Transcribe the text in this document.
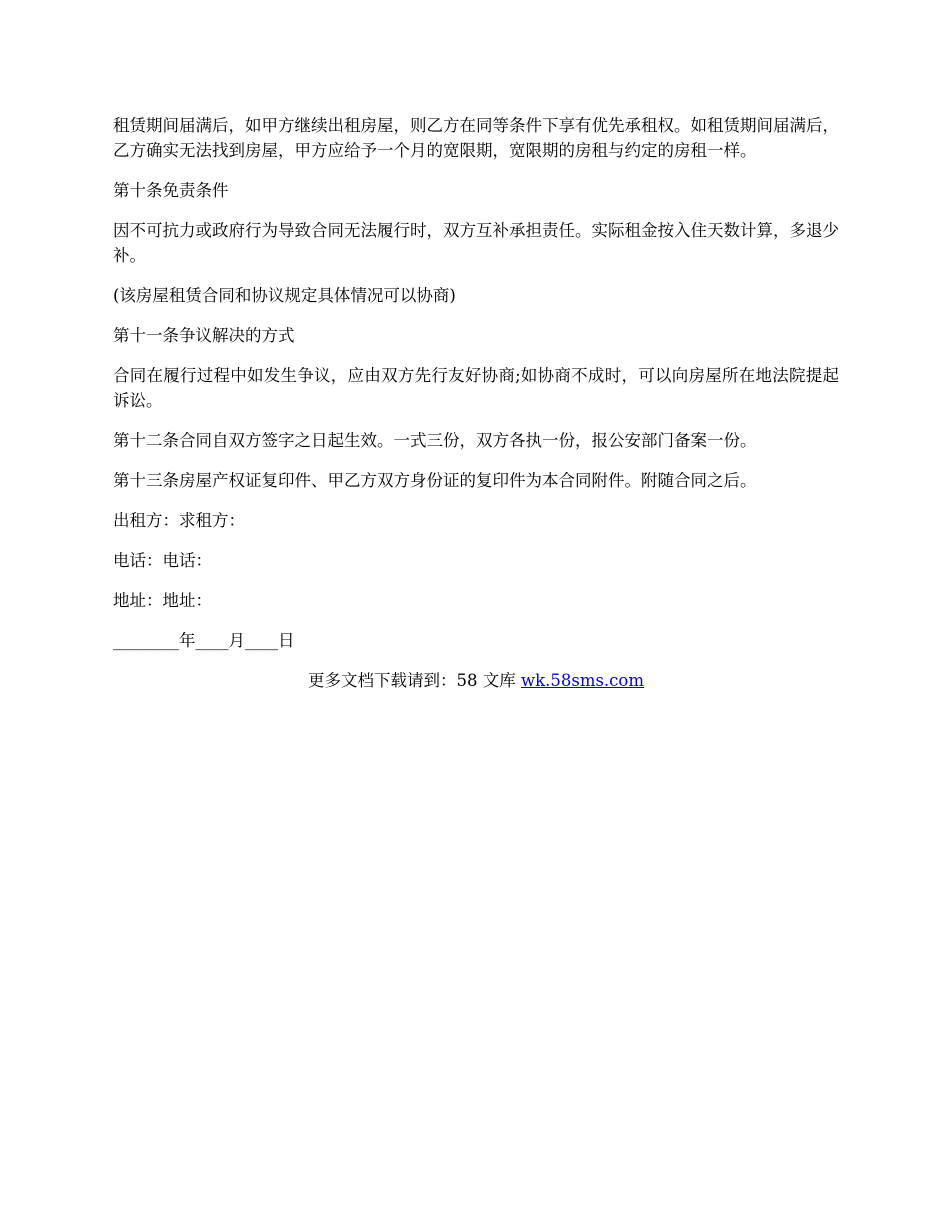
租赁期间届满后，如甲方继续出租房屋，则乙方在同等条件下享有优先承租权。如租赁期间届满后，乙方确实无法找到房屋，甲方应给予一个月的宽限期，宽限期的房租与约定的房租一样。

第十条免责条件

因不可抗力或政府行为导致合同无法履行时，双方互补承担责任。实际租金按入住天数计算，多退少补。

(该房屋租赁合同和协议规定具体情况可以协商)

第十一条争议解决的方式

合同在履行过程中如发生争议，应由双方先行友好协商;如协商不成时，可以向房屋所在地法院提起诉讼。

第十二条合同自双方签字之日起生效。一式三份，双方各执一份，报公安部门备案一份。

第十三条房屋产权证复印件、甲乙方双方身份证的复印件为本合同附件。附随合同之后。

出租方：求租方：

电话：电话：

地址：地址：

________年____月____日

更多文档下载请到：58 文库 wk.58sms.com
